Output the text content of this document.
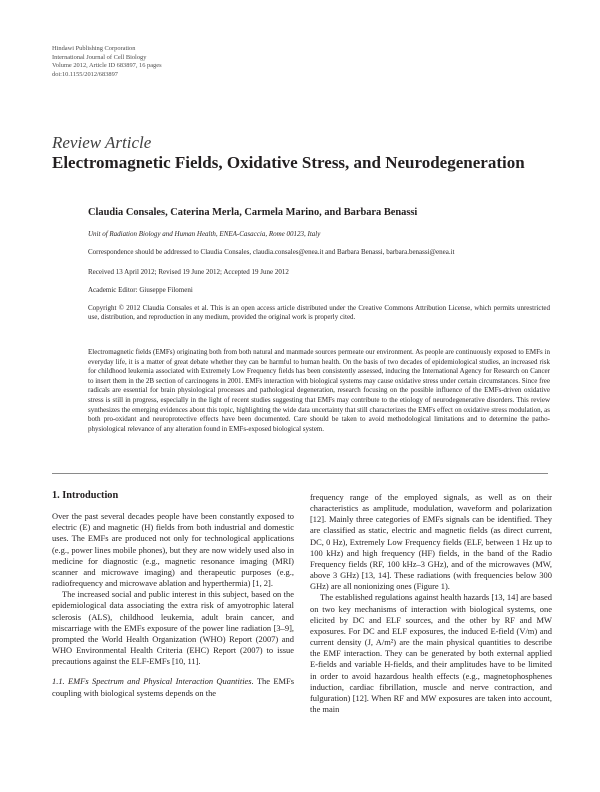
Hindawi Publishing Corporation
International Journal of Cell Biology
Volume 2012, Article ID 683897, 16 pages
doi:10.1155/2012/683897
Review Article
Electromagnetic Fields, Oxidative Stress, and Neurodegeneration
Claudia Consales, Caterina Merla, Carmela Marino, and Barbara Benassi
Unit of Radiation Biology and Human Health, ENEA-Casaccia, Rome 00123, Italy
Correspondence should be addressed to Claudia Consales, claudia.consales@enea.it and Barbara Benassi, barbara.benassi@enea.it
Received 13 April 2012; Revised 19 June 2012; Accepted 19 June 2012
Academic Editor: Giuseppe Filomeni
Copyright © 2012 Claudia Consales et al. This is an open access article distributed under the Creative Commons Attribution License, which permits unrestricted use, distribution, and reproduction in any medium, provided the original work is properly cited.
Electromagnetic fields (EMFs) originating both from both natural and manmade sources permeate our environment. As people are continuously exposed to EMFs in everyday life, it is a matter of great debate whether they can be harmful to human health. On the basis of two decades of epidemiological studies, an increased risk for childhood leukemia associated with Extremely Low Frequency fields has been consistently assessed, inducing the International Agency for Research on Cancer to insert them in the 2B section of carcinogens in 2001. EMFs interaction with biological systems may cause oxidative stress under certain circumstances. Since free radicals are essential for brain physiological processes and pathological degeneration, research focusing on the possible influence of the EMFs-driven oxidative stress is still in progress, especially in the light of recent studies suggesting that EMFs may contribute to the etiology of neurodegenerative disorders. This review synthesizes the emerging evidences about this topic, highlighting the wide data uncertainty that still characterizes the EMFs effect on oxidative stress modulation, as both pro-oxidant and neuroprotective effects have been documented. Care should be taken to avoid methodological limitations and to determine the patho-physiological relevance of any alteration found in EMFs-exposed biological system.
1. Introduction

Over the past several decades people have been constantly exposed to electric (E) and magnetic (H) fields from both industrial and domestic uses. The EMFs are produced not only for technological applications (e.g., power lines mobile phones), but they are now widely used also in medicine for diagnostic (e.g., magnetic resonance imaging (MRI) scanner and microwave imaging) and therapeutic purposes (e.g., radiofrequency and microwave ablation and hyperthermia) [1, 2].

The increased social and public interest in this subject, based on the epidemiological data associating the extra risk of amyotrophic lateral sclerosis (ALS), childhood leukemia, adult brain cancer, and miscarriage with the EMFs exposure of the power line radiation [3–9], prompted the World Health Organization (WHO) Report (2007) and WHO Environmental Health Criteria (EHC) Report (2007) to issue precautions against the ELF-EMFs [10, 11].

1.1. EMFs Spectrum and Physical Interaction Quantities. The EMFs coupling with biological systems depends on the

frequency range of the employed signals, as well as on their characteristics as amplitude, modulation, waveform and polarization [12]. Mainly three categories of EMFs signals can be identified. They are classified as static, electric and magnetic fields (as direct current, DC, 0 Hz), Extremely Low Frequency fields (ELF, between 1 Hz up to 100 kHz) and high frequency (HF) fields, in the band of the Radio Frequency fields (RF, 100 kHz–3 GHz), and of the microwaves (MW, above 3 GHz) [13, 14]. These radiations (with frequencies below 300 GHz) are all nonionizing ones (Figure 1).

The established regulations against health hazards [13, 14] are based on two key mechanisms of interaction with biological systems, one elicited by DC and ELF sources, and the other by RF and MW exposures. For DC and ELF exposures, the induced E-field (V/m) and current density (J, A/m²) are the main physical quantities to describe the EMF interaction. They can be generated by both external applied E-fields and variable H-fields, and their amplitudes have to be limited in order to avoid hazardous health effects (e.g., magnetophosphenes induction, cardiac fibrillation, muscle and nerve contraction, and fulguration) [12]. When RF and MW exposures are taken into account, the main
